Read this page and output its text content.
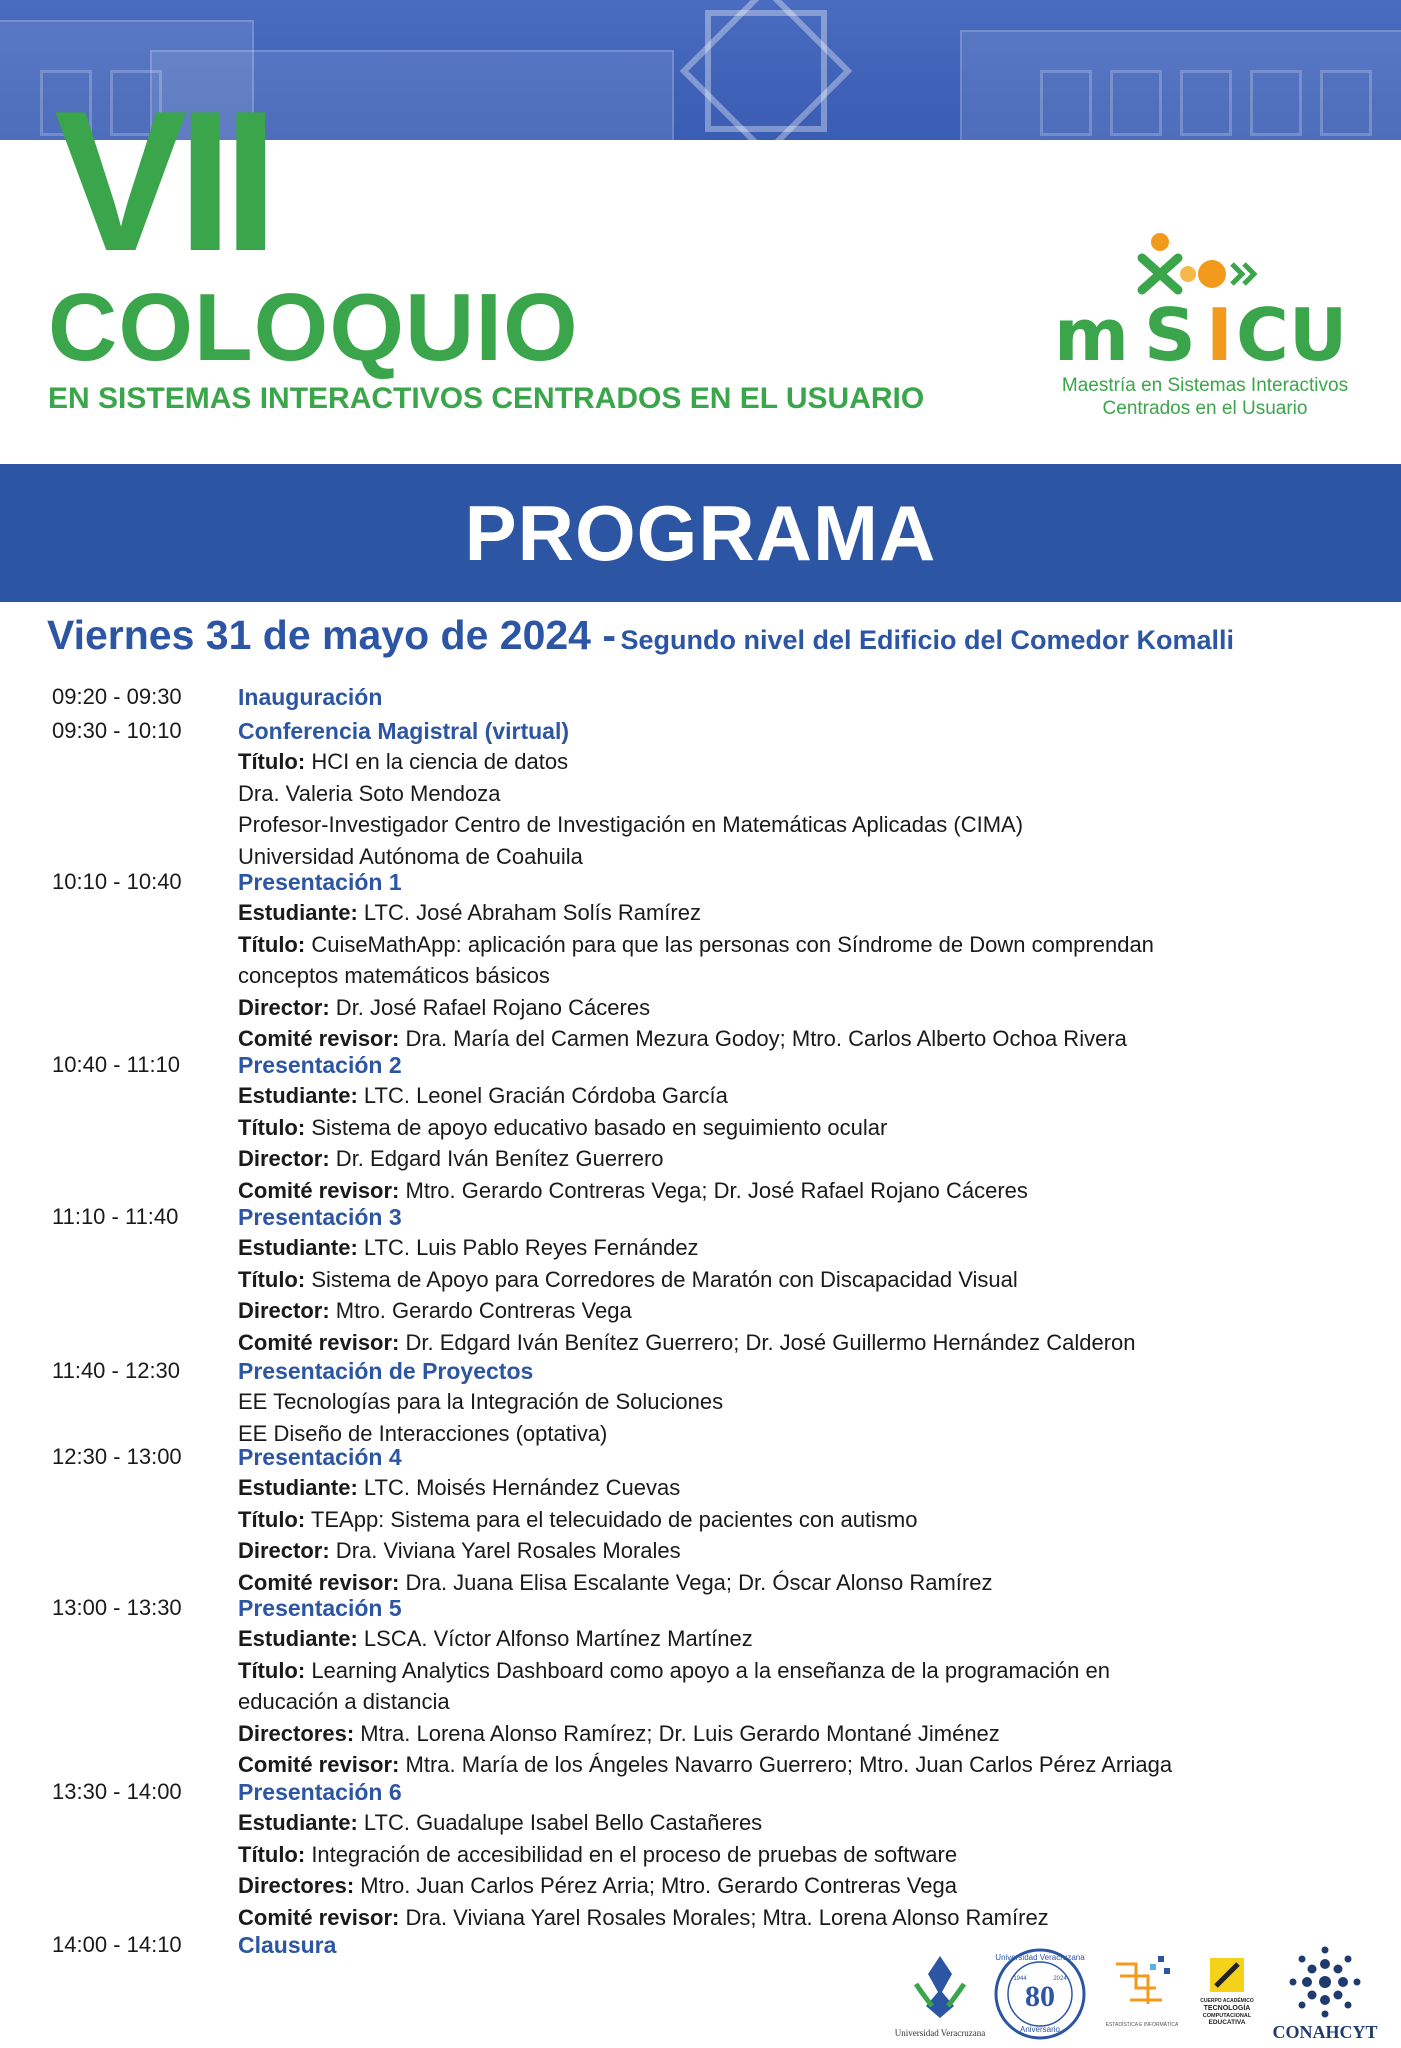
VII
COLOQUIO
EN SISTEMAS INTERACTIVOS CENTRADOS EN EL USUARIO
m S I CU
Maestría en Sistemas Interactivos
Centrados en el Usuario
PROGRAMA
Viernes 31 de mayo de 2024 - Segundo nivel del Edificio del Comedor Komalli
09:20 - 09:30 Inauguración
09:30 - 10:10 Conferencia Magistral (virtual)
Título: HCI en la ciencia de datos
Dra. Valeria Soto Mendoza
Profesor-Investigador Centro de Investigación en Matemáticas Aplicadas (CIMA)
Universidad Autónoma de Coahuila
10:10 - 10:40 Presentación 1
Estudiante: LTC. José Abraham Solís Ramírez
Título: CuiseMathApp: aplicación para que las personas con Síndrome de Down comprendan
conceptos matemáticos básicos
Director: Dr. José Rafael Rojano Cáceres
Comité revisor: Dra. María del Carmen Mezura Godoy; Mtro. Carlos Alberto Ochoa Rivera
10:40 - 11:10	Presentación 2
Estudiante: LTC. Leonel Gracián Córdoba García
Título: Sistema de apoyo educativo basado en seguimiento ocular
Director: Dr. Edgard Iván Benítez Guerrero
Comité revisor: Mtro. Gerardo Contreras Vega; Dr. José Rafael Rojano Cáceres
11:10 - 11:40	Presentación 3
Estudiante: LTC. Luis Pablo Reyes Fernández
Título: Sistema de Apoyo para Corredores de Maratón con Discapacidad Visual
Director: Mtro. Gerardo Contreras Vega
Comité revisor: Dr. Edgard Iván Benítez Guerrero; Dr. José Guillermo Hernández Calderon
11:40 - 12:30	Presentación de Proyectos
EE Tecnologías para la Integración de Soluciones
EE Diseño de Interacciones (optativa)
12:30 - 13:00 Presentación 4
Estudiante: LTC. Moisés Hernández Cuevas
Título: TEApp: Sistema para el telecuidado de pacientes con autismo
Director: Dra. Viviana Yarel Rosales Morales
Comité revisor: Dra. Juana Elisa Escalante Vega; Dr. Óscar Alonso Ramírez
13:00 - 13:30 Presentación 5
Estudiante: LSCA. Víctor Alfonso Martínez Martínez
Título: Learning Analytics Dashboard como apoyo a la enseñanza de la programación en
educación a distancia
Directores: Mtra. Lorena Alonso Ramírez; Dr. Luis Gerardo Montané Jiménez
Comité revisor: Mtra. María de los Ángeles Navarro Guerrero; Mtro. Juan Carlos Pérez Arriaga
13:30 - 14:00 Presentación 6
Estudiante: LTC. Guadalupe Isabel Bello Castañeres
Título: Integración de accesibilidad en el proceso de pruebas de software
Directores: Mtro. Juan Carlos Pérez Arria; Mtro. Gerardo Contreras Vega
Comité revisor: Dra. Viviana Yarel Rosales Morales; Mtra. Lorena Alonso Ramírez
14:00 - 14:10 Clausura
Universidad Veracruzana
Universidad Veracruzana
80
1944	2024
Aniversario	ESTADÍSTICA E INFORMÁTICA
CUERPO ACADÉMICO
TECNOLOGÍA
COMPUTACIONAL
EDUCATIVA CONAHCYT
